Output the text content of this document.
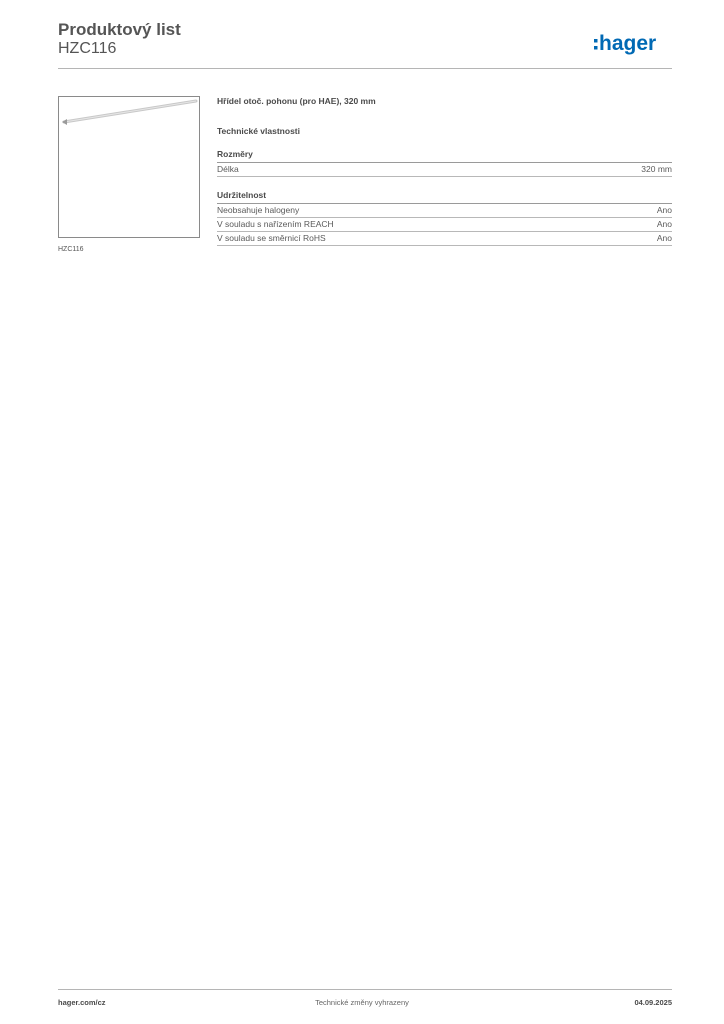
Produktový list
HZC116	hager
HZC116
Hřídel otoč. pohonu (pro HAE), 320 mm
Technické vlastnosti
Rozměry
Délka	320 mm
Udržitelnost
Neobsahuje halogeny	Ano
V souladu s nařízením REACH	Ano
V souladu se směrnicí RoHS	Ano
hager.com/cz	Technické změny vyhrazeny	04.09.2025
